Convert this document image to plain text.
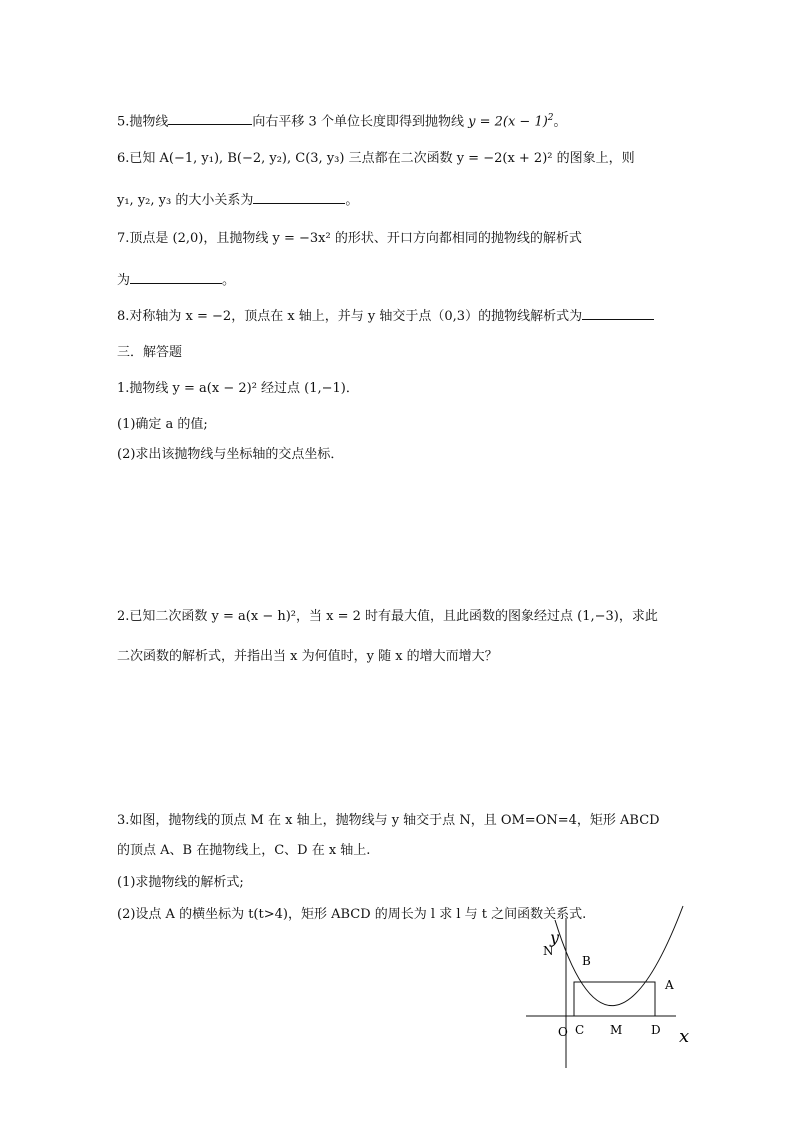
5.抛物线	向右平移 3 个单位长度即得到抛物线 $y = 2(x - 1)^2$。
6.已知 A(−1, y₁), B(−2, y₂), C(3, y₃) 三点都在二次函数 y = −2(x + 2)² 的图象上，则
y₁, y₂, y₃ 的大小关系为	。
7.顶点是 (2,0)，且抛物线 y = −3x² 的形状、开口方向都相同的抛物线的解析式
为	。
8.对称轴为 x = −2，顶点在 x 轴上，并与 y 轴交于点（0,3）的抛物线解析式为
三．解答题
1.抛物线 y = a(x − 2)² 经过点 (1,−1)．
(1)确定 a 的值;
(2)求出该抛物线与坐标轴的交点坐标．
2.已知二次函数 y = a(x − h)²，当 x = 2 时有最大值，且此函数的图象经过点 (1,−3)，求此
二次函数的解析式，并指出当 x 为何值时，y 随 x 的增大而增大？
3.如图，抛物线的顶点 M 在 x 轴上，抛物线与 y 轴交于点 N，且 OM=ON=4，矩形 ABCD
的顶点 A、B 在抛物线上，C、D 在 x 轴上.
(1)求抛物线的解析式;
(2)设点 A 的横坐标为 t(t>4)，矩形 ABCD 的周长为 l 求 l 与 t 之间函数关系式.
y
N
B
A
O C M D x
